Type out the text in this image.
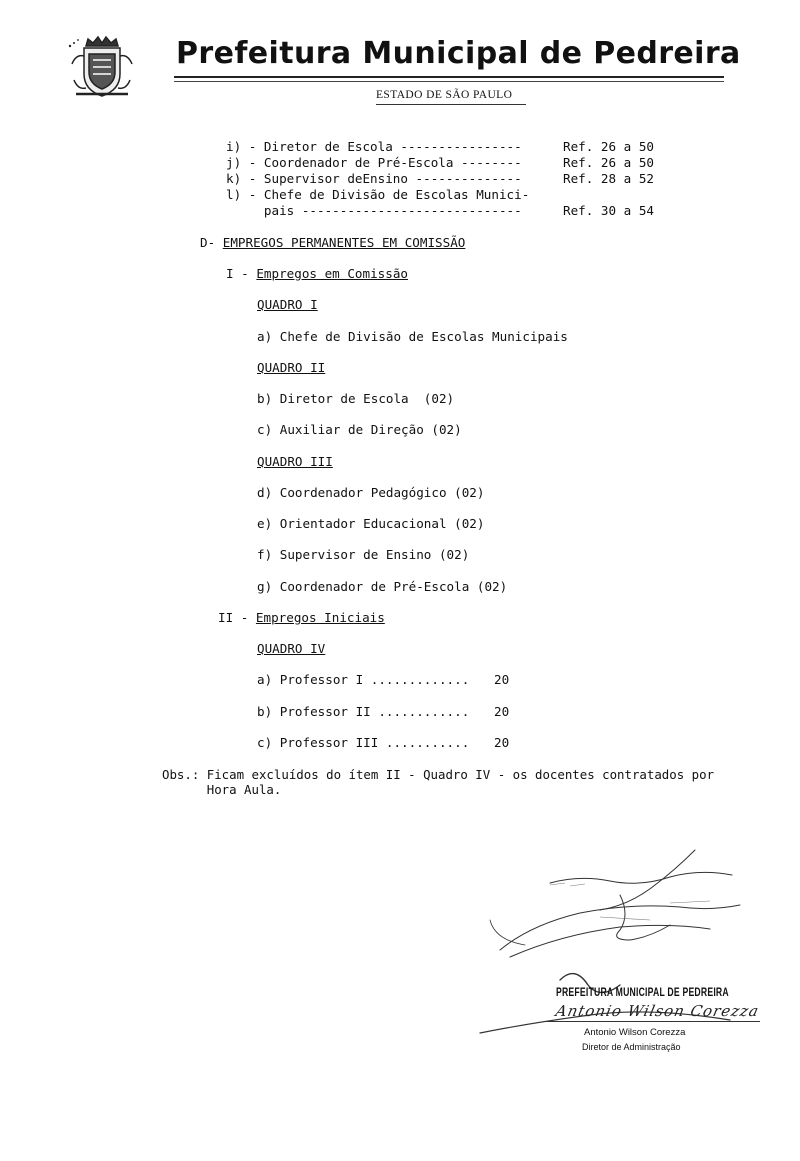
Prefeitura Municipal de Pedreira
ESTADO DE SÃO PAULO
i) - Diretor de Escola ----------------	Ref. 26 a 50
j) - Coordenador de Pré-Escola --------	Ref. 26 a 50
k) - Supervisor deEnsino --------------	Ref. 28 a 52
l) - Chefe de Divisão de Escolas Munici-
pais -----------------------------	Ref. 30 a 54
D- EMPREGOS PERMANENTES EM COMISSÃO
I - Empregos em Comissão
QUADRO I
a) Chefe de Divisão de Escolas Municipais
QUADRO II
b) Diretor de Escola  (02)
c) Auxiliar de Direção (02)
QUADRO III
d) Coordenador Pedagógico (02)
e) Orientador Educacional (02)
f) Supervisor de Ensino (02)
g) Coordenador de Pré-Escola (02)
II - Empregos Iniciais
QUADRO IV
a) Professor I ............. 20
b) Professor II ............ 20
c) Professor III ........... 20
Obs.: Ficam excluídos do ítem II - Quadro IV - os docentes contratados por
Hora Aula.
PREFEITURA MUNICIPAL DE PEDREIRA
Antonio Wilson Corezza
Antonio Wilson Corezza
Diretor de Administração
